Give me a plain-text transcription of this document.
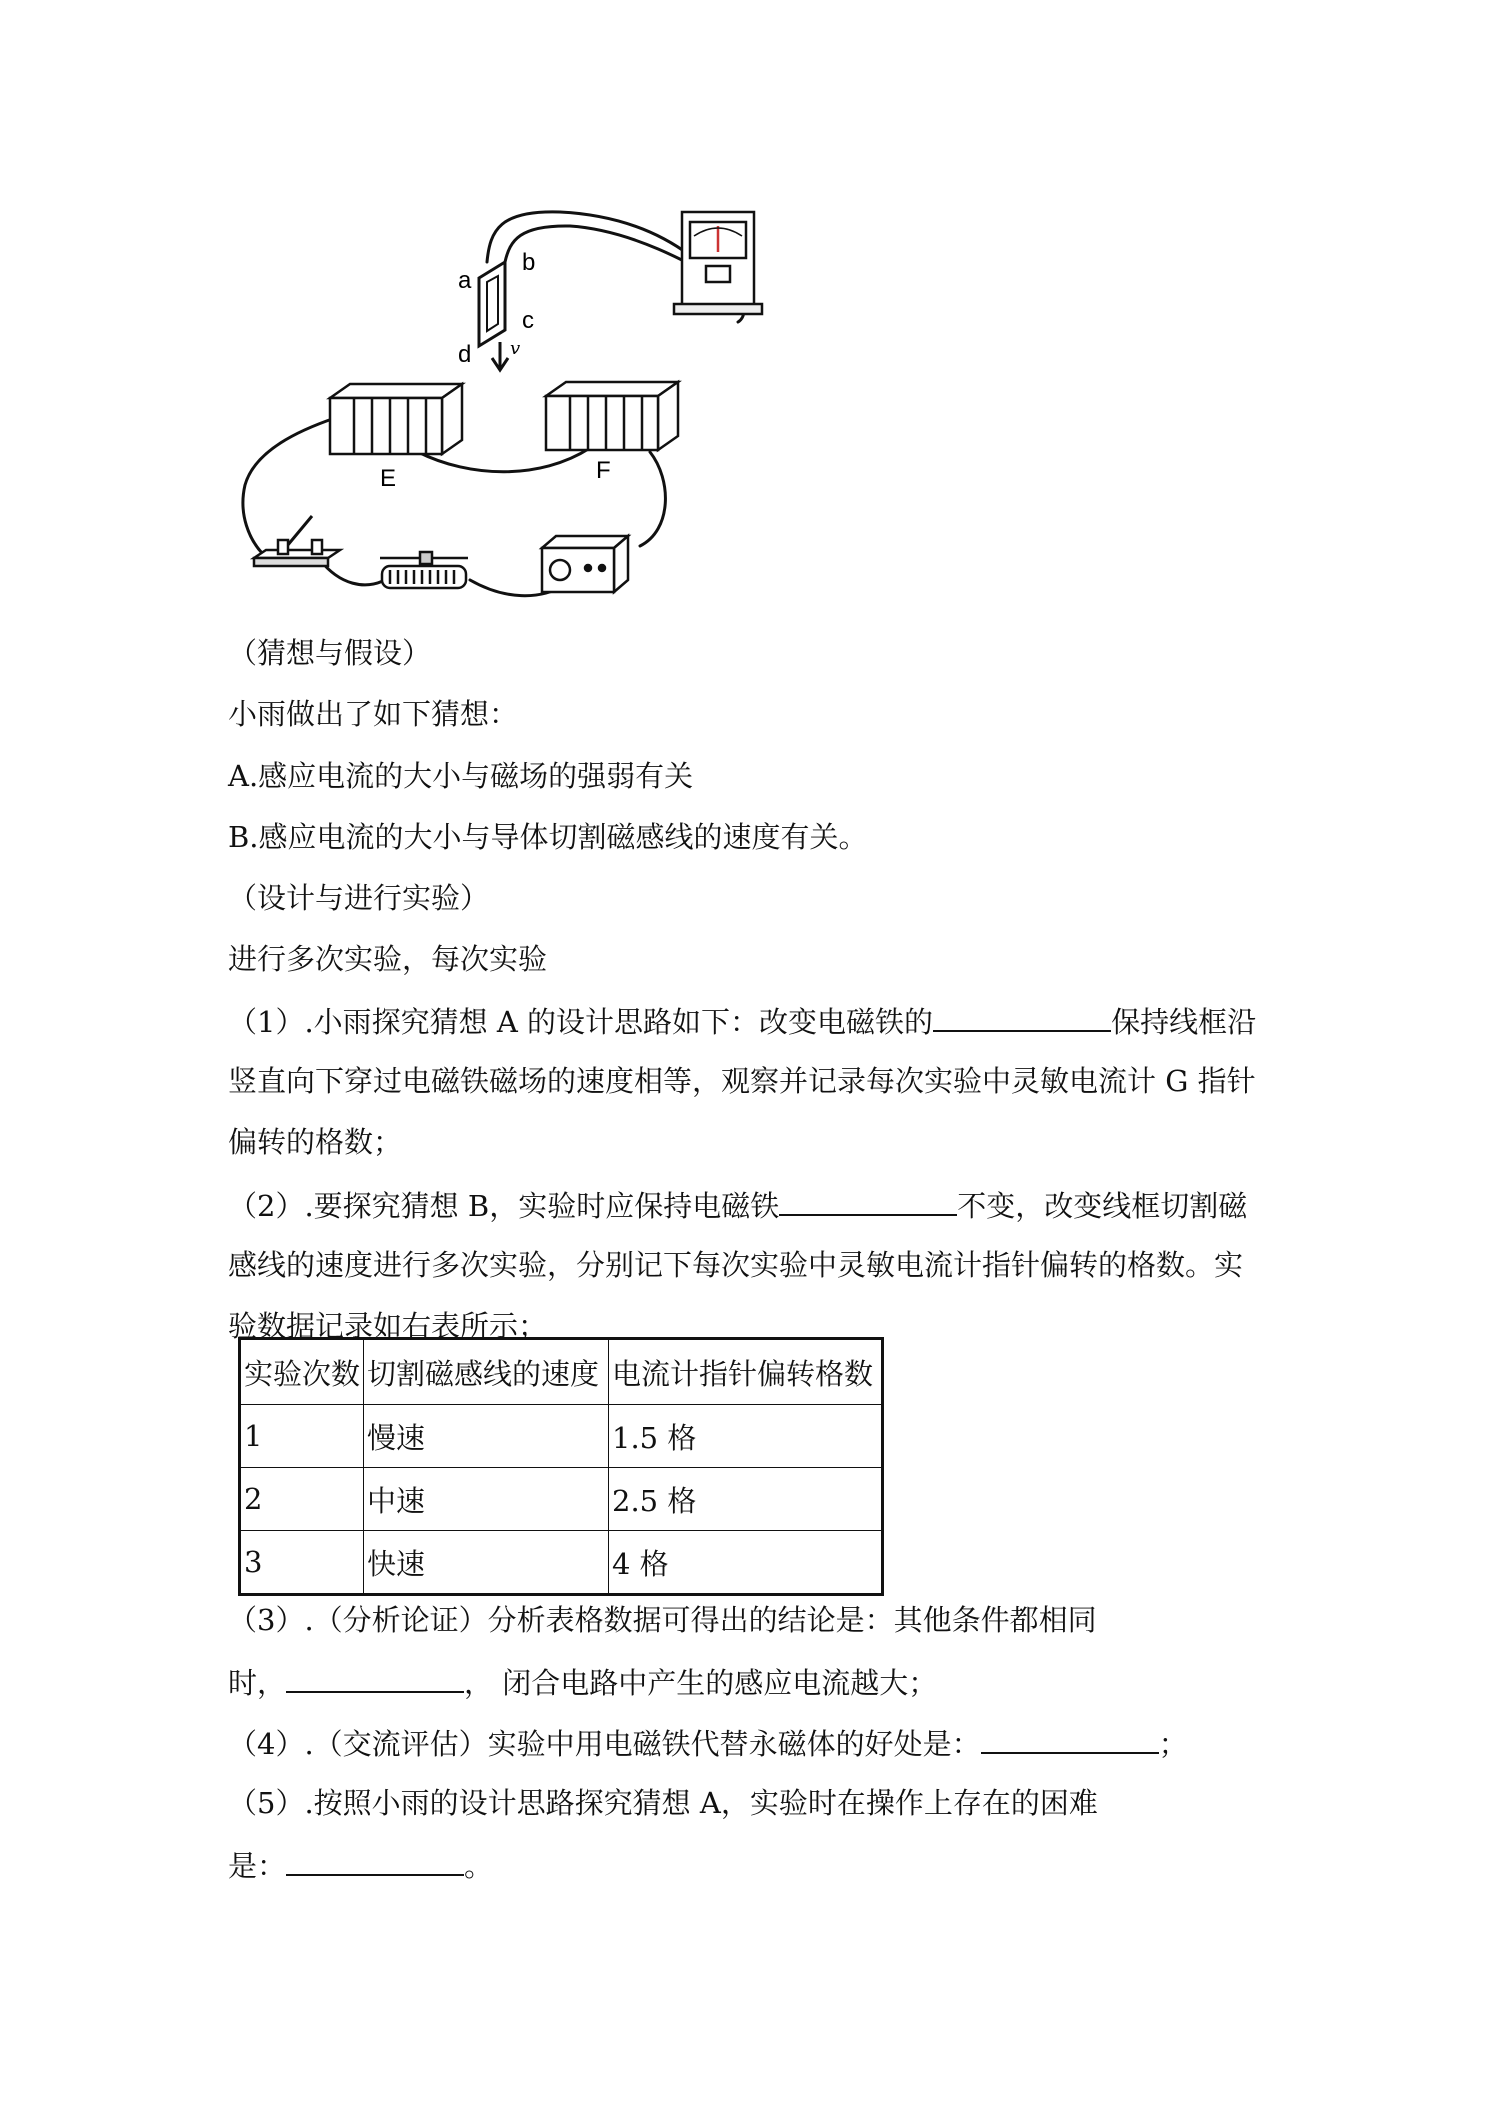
a
b
c
d v
E	F
（猜想与假设）
小雨做出了如下猜想：
A.感应电流的大小与磁场的强弱有关
B.感应电流的大小与导体切割磁感线的速度有关。
（设计与进行实验）
进行多次实验，每次实验
（1）.小雨探究猜想 A 的设计思路如下：改变电磁铁的	保持线框沿
竖直向下穿过电磁铁磁场的速度相等，观察并记录每次实验中灵敏电流计 G 指针
偏转的格数；
（2）.要探究猜想 B，实验时应保持电磁铁	不变，改变线框切割磁
感线的速度进行多次实验，分别记下每次实验中灵敏电流计指针偏转的格数。实
验数据记录如右表所示；
实验次数	切割磁感线的速度	电流计指针偏转格数
1	慢速	1.5 格
2	中速	2.5 格
3	快速	4 格
（3）.（分析论证）分析表格数据可得出的结论是：其他条件都相同
时，	， 闭合电路中产生的感应电流越大；
（4）.（交流评估）实验中用电磁铁代替永磁体的好处是：	；
（5）.按照小雨的设计思路探究猜想 A，实验时在操作上存在的困难
是：	。
